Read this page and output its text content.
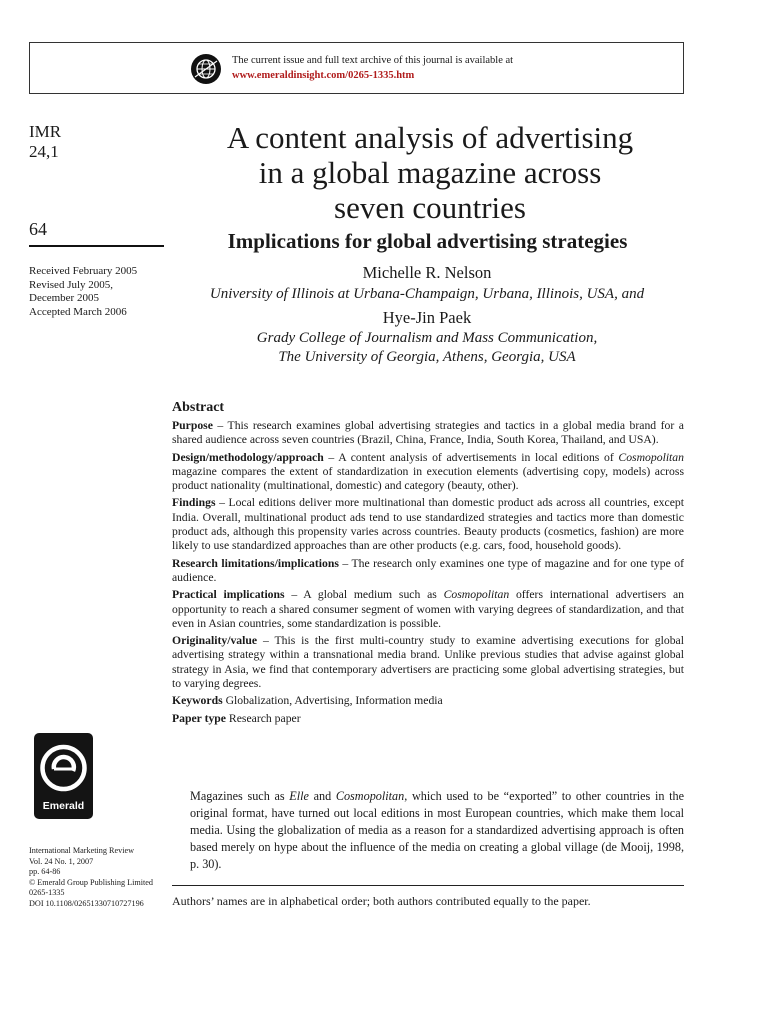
The current issue and full text archive of this journal is available at
www.emeraldinsight.com/0265-1335.htm
IMR
24,1
64
Received February 2005
Revised July 2005,
December 2005
Accepted March 2006
Emerald
International Marketing Review
Vol. 24 No. 1, 2007
pp. 64-86
© Emerald Group Publishing Limited
0265-1335
DOI 10.1108/02651330710727196
A content analysis of advertising
in a global magazine across
seven countries
Implications for global advertising strategies
Michelle R. Nelson
University of Illinois at Urbana-Champaign, Urbana, Illinois, USA, and
Hye-Jin Paek
Grady College of Journalism and Mass Communication,
The University of Georgia, Athens, Georgia, USA
Abstract

Purpose – This research examines global advertising strategies and tactics in a global media brand for a shared audience across seven countries (Brazil, China, France, India, South Korea, Thailand, and USA).

Design/methodology/approach – A content analysis of advertisements in local editions of Cosmopolitan magazine compares the extent of standardization in execution elements (advertising copy, models) across product nationality (multinational, domestic) and category (beauty, other).

Findings – Local editions deliver more multinational than domestic product ads across all countries, except India. Overall, multinational product ads tend to use standardized strategies and tactics more than domestic product ads, although this propensity varies across countries. Beauty products (cosmetics, fashion) are more likely to use standardized approaches than are other products (e.g. cars, food, household goods).

Research limitations/implications – The research only examines one type of magazine and for one type of audience.

Practical implications – A global medium such as Cosmopolitan offers international advertisers an opportunity to reach a shared consumer segment of women with varying degrees of standardization, and that even in Asian countries, some standardization is possible.

Originality/value – This is the first multi-country study to examine advertising executions for global advertising strategy within a transnational media brand. Unlike previous studies that advise against global strategy in Asia, we find that contemporary advertisers are practicing some global advertising strategies, but to varying degrees.

Keywords Globalization, Advertising, Information media

Paper type Research paper

Magazines such as Elle and Cosmopolitan, which used to be “exported” to other countries in the original format, have turned out local editions in most European countries, which make them local media. Using the globalization of media as a reason for a standardized advertising approach is often based merely on hype about the influence of the media on creating a global village (de Mooij, 1998, p. 30).

Authors’ names are in alphabetical order; both authors contributed equally to the paper.
